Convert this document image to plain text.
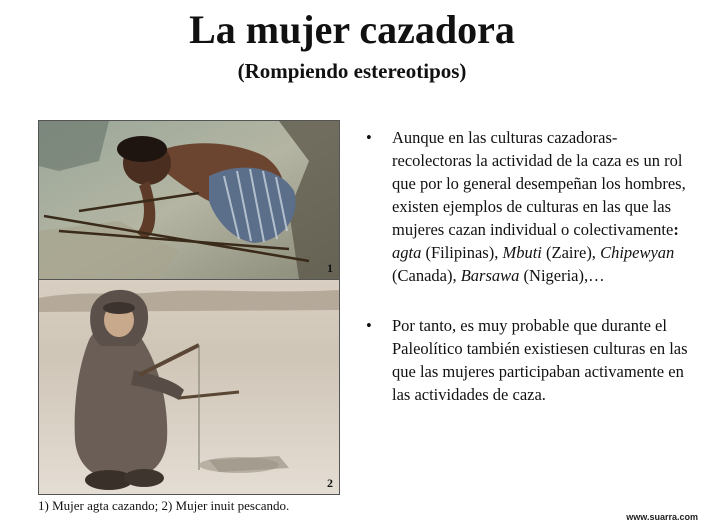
La mujer cazadora
(Rompiendo estereotipos)
1
2
1) Mujer agta cazando; 2) Mujer inuit pescando.
• Aunque en las culturas cazadoras-recolectoras la actividad de la caza es un rol que por lo general desempeñan los hombres, existen ejemplos de culturas en las que las mujeres cazan individual o colectivamente: agta (Filipinas), Mbuti (Zaire), Chipewyan (Canada), Barsawa (Nigeria),…
• Por tanto, es muy probable que durante el Paleolítico también existiesen culturas en las que las mujeres participaban activamente en las actividades de caza.
www.suarra.com
